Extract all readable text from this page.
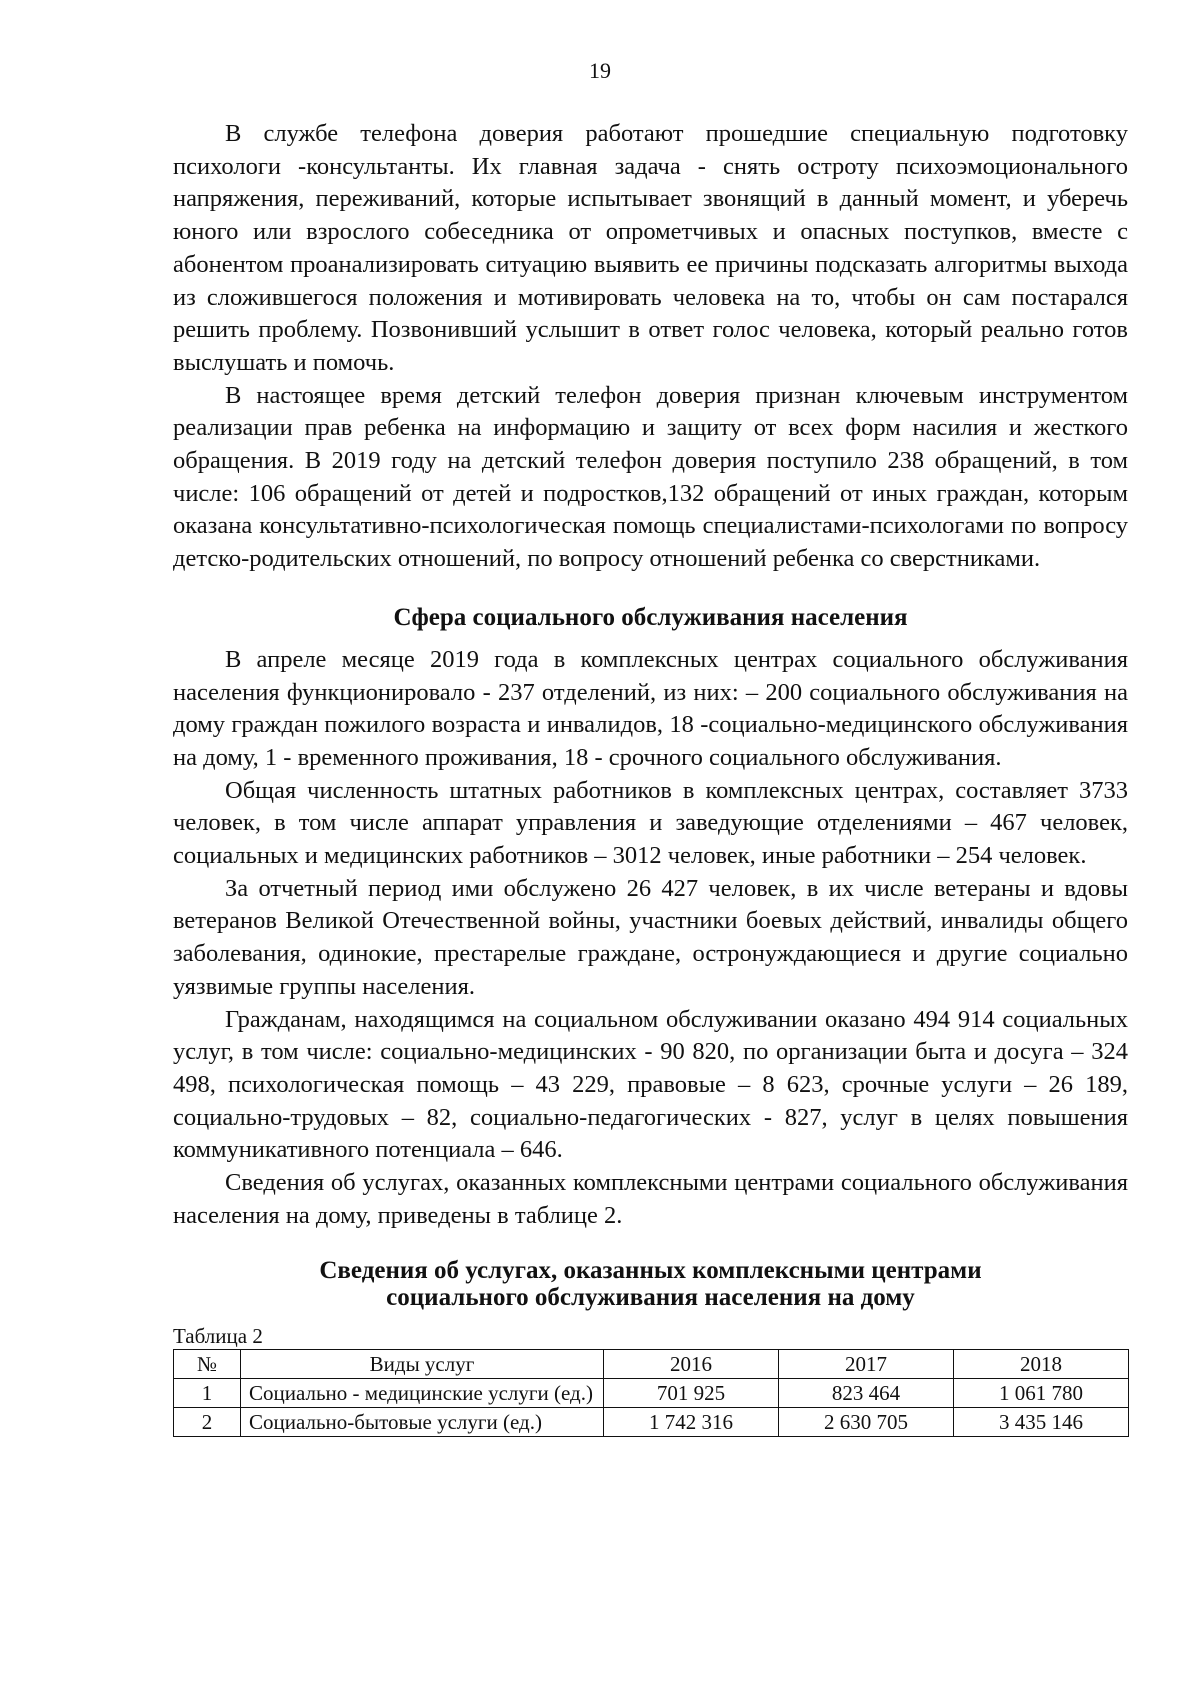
19

В службе телефона доверия работают прошедшие специальную подготовку психологи -консультанты. Их главная задача - снять остроту психоэмоционального напряжения, переживаний, которые испытывает звонящий в данный момент, и уберечь юного или взрослого собеседника от опрометчивых и опасных поступков, вместе с абонентом проанализировать ситуацию выявить ее причины подсказать алгоритмы выхода из сложившегося положения и мотивировать человека на то, чтобы он сам постарался решить проблему. Позвонивший услышит в ответ голос человека, который реально готов выслушать и помочь.

В настоящее время детский телефон доверия признан ключевым инструментом реализации прав ребенка на информацию и защиту от всех форм насилия и жесткого обращения. В 2019 году на детский телефон доверия поступило 238 обращений, в том числе: 106 обращений от детей и подростков,132 обращений от иных граждан, которым оказана консультативно-психологическая помощь специалистами-психологами по вопросу детско-родительских отношений, по вопросу отношений ребенка со сверстниками.

Сфера социального обслуживания населения

В апреле месяце 2019 года в комплексных центрах социального обслуживания населения функционировало - 237 отделений, из них: – 200 социального обслуживания на дому граждан пожилого возраста и инвалидов, 18 -социально-медицинского обслуживания на дому, 1 - временного проживания, 18 - срочного социального обслуживания.

Общая численность штатных работников в комплексных центрах, составляет 3733 человек, в том числе аппарат управления и заведующие отделениями – 467 человек, социальных и медицинских работников – 3012 человек, иные работники – 254 человек.

За отчетный период ими обслужено 26 427 человек, в их числе ветераны и вдовы ветеранов Великой Отечественной войны, участники боевых действий, инвалиды общего заболевания, одинокие, престарелые граждане, остронуждающиеся и другие социально уязвимые группы населения.

Гражданам, находящимся на социальном обслуживании оказано 494 914 социальных услуг, в том числе: социально-медицинских - 90 820, по организации быта и досуга – 324 498, психологическая помощь – 43 229, правовые – 8 623, срочные услуги – 26 189, социально-трудовых – 82, социально-педагогических - 827, услуг в целях повышения коммуникативного потенциала – 646.

Сведения об услугах, оказанных комплексными центрами социального обслуживания населения на дому, приведены в таблице 2.

Сведения об услугах, оказанных комплексными центрами
социального обслуживания населения на дому
Таблица 2
№	Виды услуг	2016	2017	2018
1	Социально - медицинские услуги (ед.)	701 925	823 464	1 061 780
2	Социально-бытовые услуги (ед.)	1 742 316	2 630 705	3 435 146
